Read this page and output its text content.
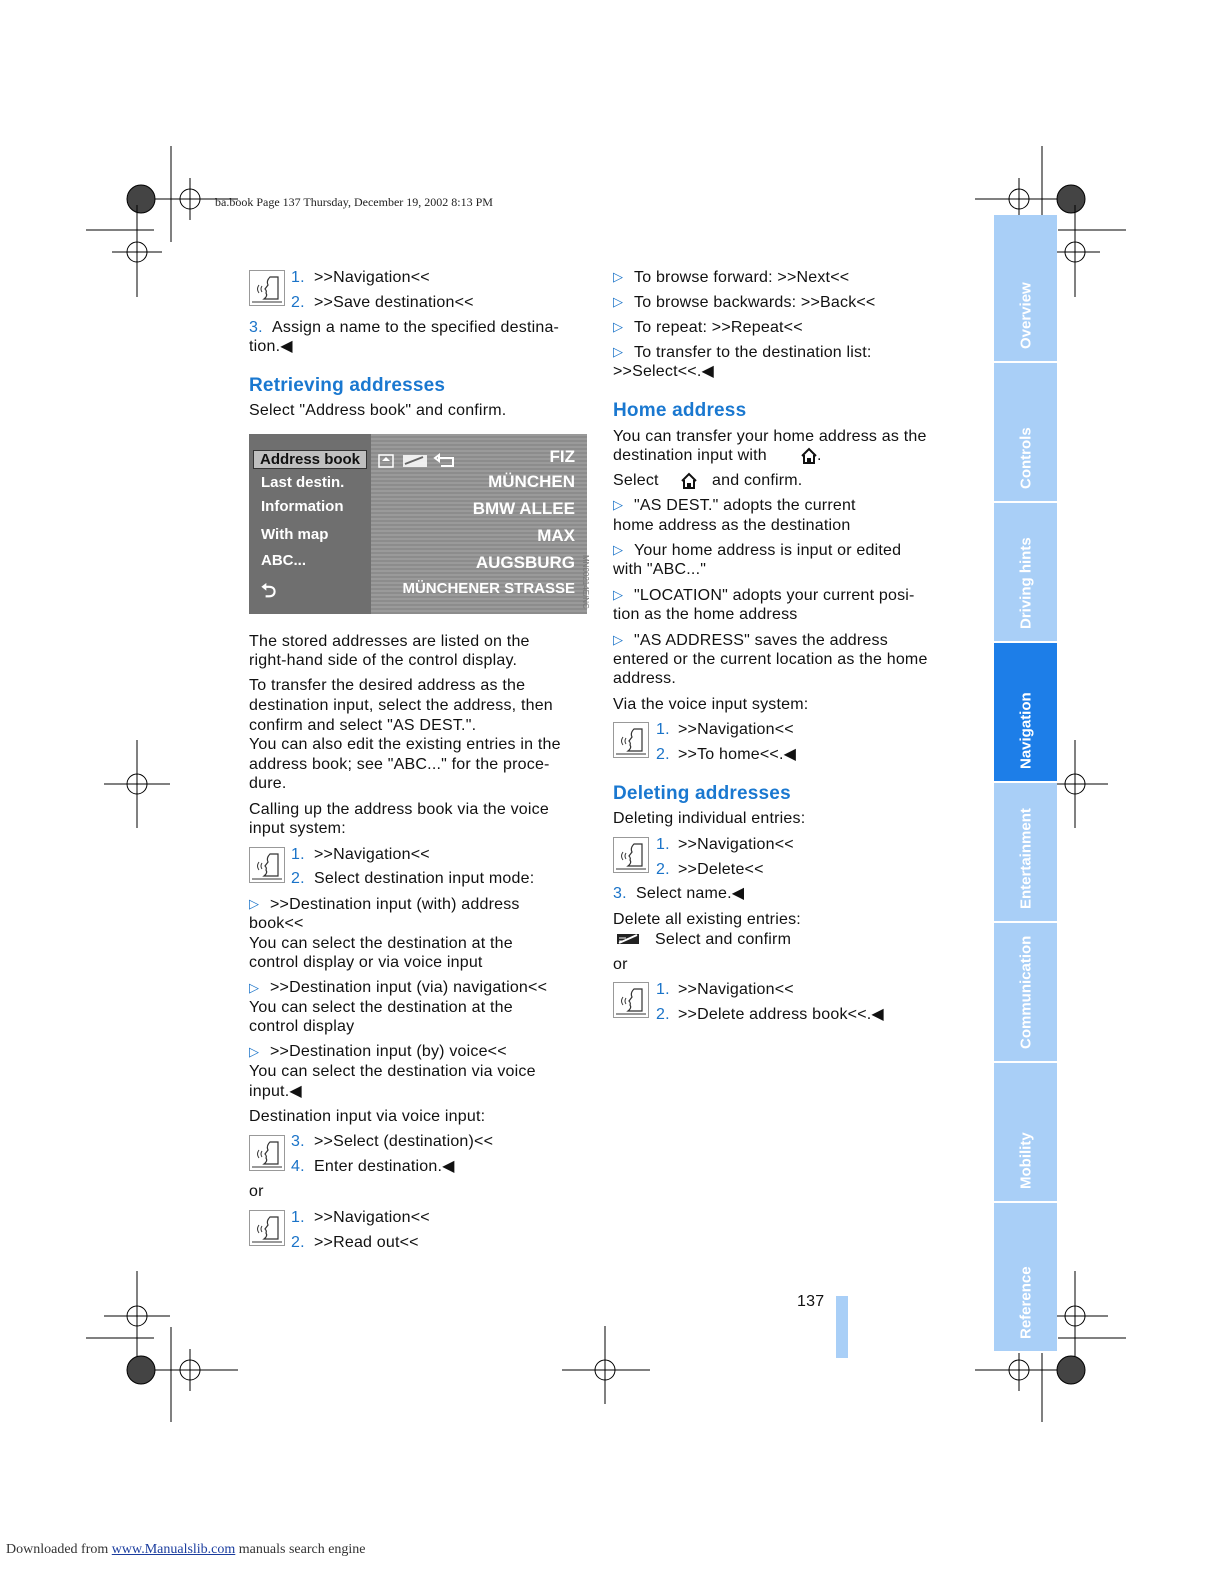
ba.book Page 137 Thursday, December 19, 2002 8:13 PM
Overview
Controls
Driving hints
Navigation
Entertainment
Communication
Mobility
Reference
1. >>Navigation<<
2. >>Save destination<<
3. Assign a name to the specified destina-
tion.◀
Retrieving addresses
Select "Address book" and confirm.
Address book
Last destin.
Information
With map
ABC...
⮌
FIZ
MÜNCHEN
BMW ALLEE
MAX
AUGSBURG
MÜNCHENER STRASSE MN00214E/NC
The stored addresses are listed on the
right-hand side of the control display.
To transfer the desired address as the
destination input, select the address, then
confirm and select "AS DEST.".
You can also edit the existing entries in the
address book; see "ABC..." for the proce-
dure.
Calling up the address book via the voice
input system:
1. >>Navigation<<
2. Select destination input mode:
▷ >>Destination input (with) address
book<<
You can select the destination at the
control display or via voice input
▷ >>Destination input (via) navigation<<
You can select the destination at the
control display
▷ >>Destination input (by) voice<<
You can select the destination via voice
input.◀
Destination input via voice input:
3. >>Select (destination)<<
4. Enter destination.◀
or
1. >>Navigation<<
2. >>Read out<<
▷ To browse forward: >>Next<<
▷ To browse backwards: >>Back<<
▷ To repeat: >>Repeat<<
▷ To transfer to the destination list:
>>Select<<.◀
Home address
You can transfer your home address as the
destination input with	.
Select	and confirm.
▷ "AS DEST." adopts the current
home address as the destination
▷ Your home address is input or edited
with "ABC..."
▷ "LOCATION" adopts your current posi-
tion as the home address
▷ "AS ADDRESS" saves the address
entered or the current location as the home
address.
Via the voice input system:
1. >>Navigation<<
2. >>To home<<.◀
Deleting addresses
Deleting individual entries:
1. >>Navigation<<
2. >>Delete<<
3. Select name.◀
Delete all existing entries:
Select and confirm
or
1. >>Navigation<<
2. >>Delete address book<<.◀
137
Downloaded from www.Manualslib.com manuals search engine
